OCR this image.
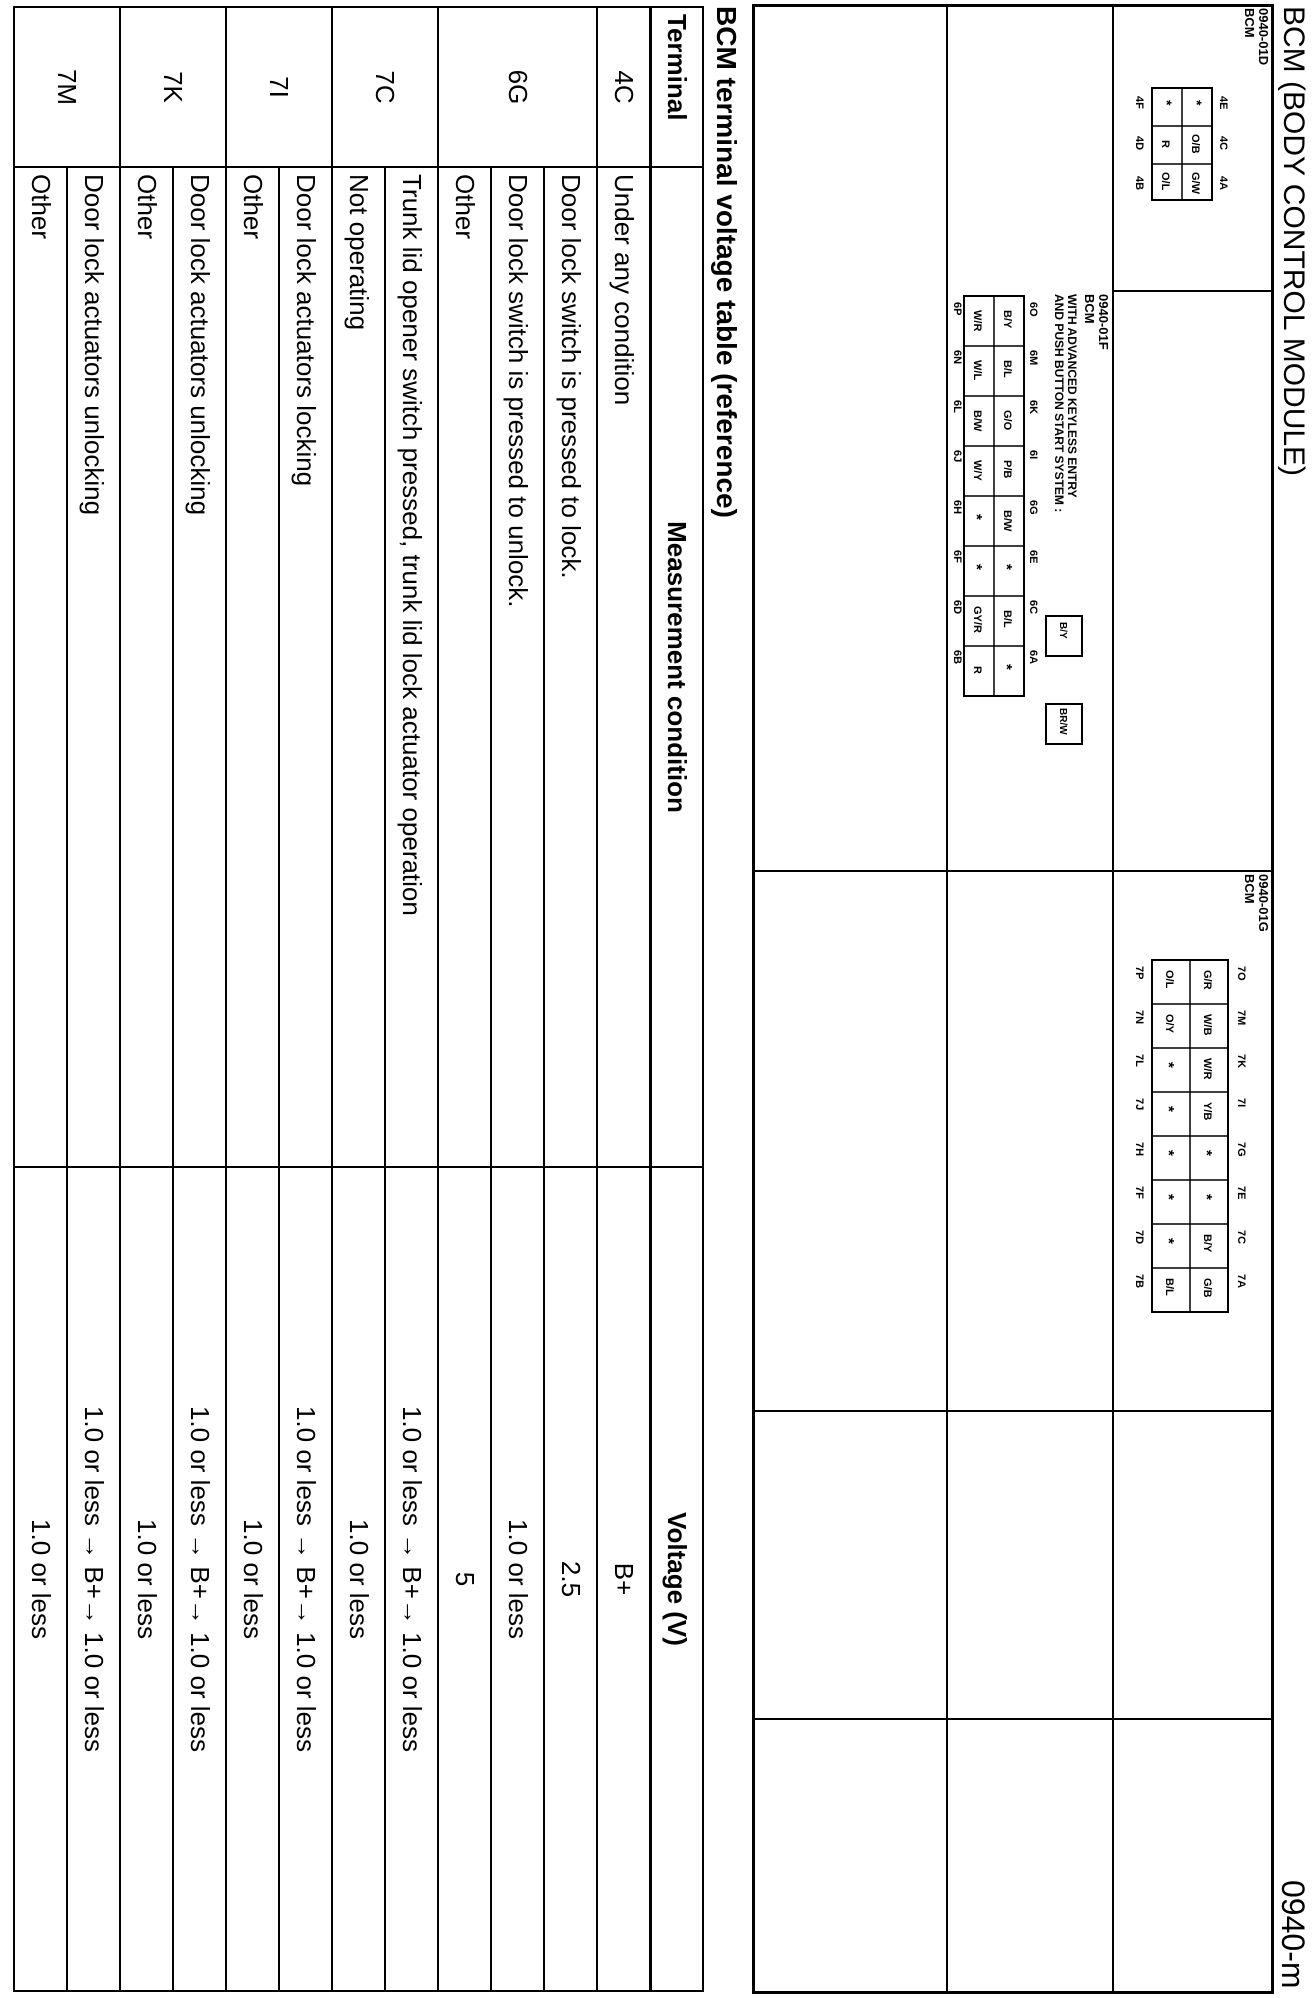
BCM (BODY CONTROL MODULE)
0940-m
0940-01D
BCM
4E
4C
4A
*
O/B
G/W
*
R
O/L
4F
4D
4B
0940-01F
BCM
WITH ADVANCED KEYLESS ENTRY
AND PUSH BUTTON START SYSTEM :
B/Y
BR/W
6O
6M
6K
6I
6G
6E
6C
6A
B/Y
B/L
G/O
P/B
B/W
*
B/L
*
W/R
W/L
B/W
W/Y
*
*
GY/R
R
6P
6N
6L
6J
6H
6F
6D
6B
0940-01G
BCM
7O
7M
7K
7I
7G
7E
7C
7A
G/R
W/B
W/R
Y/B
*
*
B/Y
G/B
O/L
O/Y
*
*
*
*
*
B/L
7P
7N
7L
7J
7H
7F
7D
7B
BCM terminal voltage table (reference)
Terminal	Measurement condition	Voltage (V)
4C	Under any condition	B+
6G	Door lock switch is pressed to lock.	2.5
	Door lock switch is pressed to unlock.	1.0 or less
	Other	5
7C	Trunk lid opener switch pressed, trunk lid lock actuator operation	1.0 or less → B+→ 1.0 or less
	Not operating	1.0 or less
7I	Door lock actuators locking	1.0 or less → B+→ 1.0 or less
	Other	1.0 or less
7K	Door lock actuators unlocking	1.0 or less → B+→ 1.0 or less
	Other	1.0 or less
7M	Door lock actuators unlocking	1.0 or less → B+→ 1.0 or less
	Other	1.0 or less
